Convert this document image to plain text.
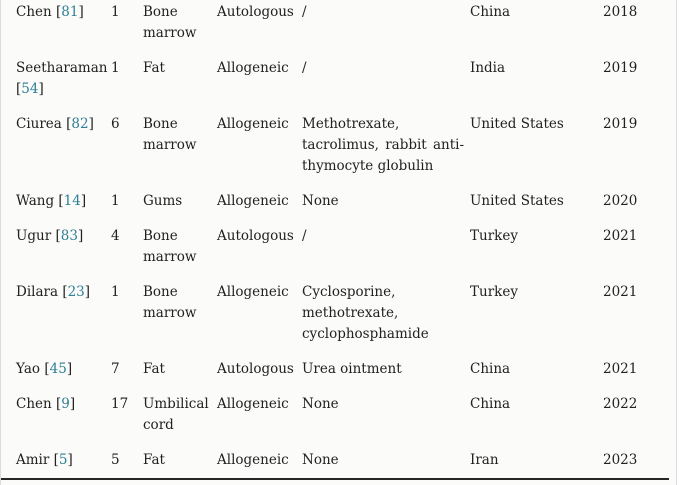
Chen [81]	1	Bone marrow	Autologous	/	China	2018
Seetharaman [54]	1	Fat	Allogeneic	/	India	2019
Ciurea [82]	6	Bone marrow	Allogeneic	Methotrexate, tacrolimus, rabbit anti-thymocyte globulin	United States	2019
Wang [14]	1	Gums	Allogeneic	None	United States	2020
Ugur [83]	4	Bone marrow	Autologous	/	Turkey	2021
Dilara [23]	1	Bone marrow	Allogeneic	Cyclosporine, methotrexate, cyclophosphamide	Turkey	2021
Yao [45]	7	Fat	Autologous	Urea ointment	China	2021
Chen [9]	17	Umbilical cord	Allogeneic	None	China	2022
Amir [5]	5	Fat	Allogeneic	None	Iran	2023
